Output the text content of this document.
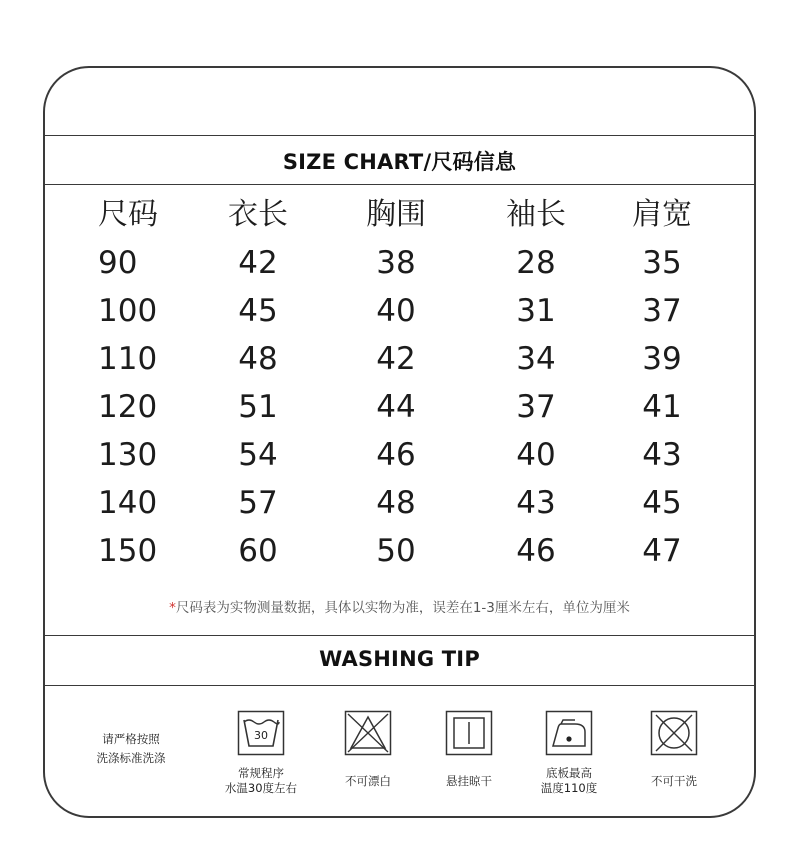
SIZE CHART/尺码信息
尺码	衣长	胸围	袖长	肩宽
90	42	38	28	35
100	45	40	31	37
110	48	42	34	39
120	51	44	37	41
130	54	46	40	43
140	57	48	43	45
150	60	50	46	47
*尺码表为实物测量数据，具体以实物为准，误差在1-3厘米左右，单位为厘米
WASHING TIP
请严格按照
洗涤标准洗涤
30
常规程序
水温30度左右	不可漂白	悬挂晾干
底板最高
温度110度	不可干洗
